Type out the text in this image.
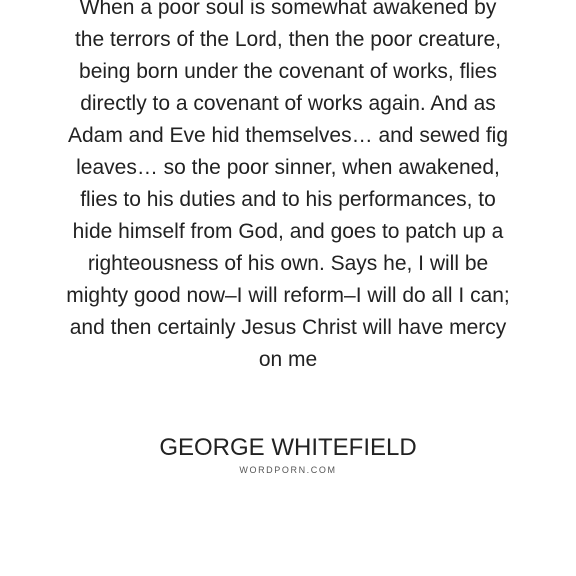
When a poor soul is somewhat awakened by
the terrors of the Lord, then the poor creature,
being born under the covenant of works, flies
directly to a covenant of works again. And as
Adam and Eve hid themselves… and sewed fig
leaves… so the poor sinner, when awakened,
flies to his duties and to his performances, to
hide himself from God, and goes to patch up a
righteousness of his own. Says he, I will be
mighty good now–I will reform–I will do all I can;
and then certainly Jesus Christ will have mercy
on me
GEORGE WHITEFIELD
WORDPORN.COM
